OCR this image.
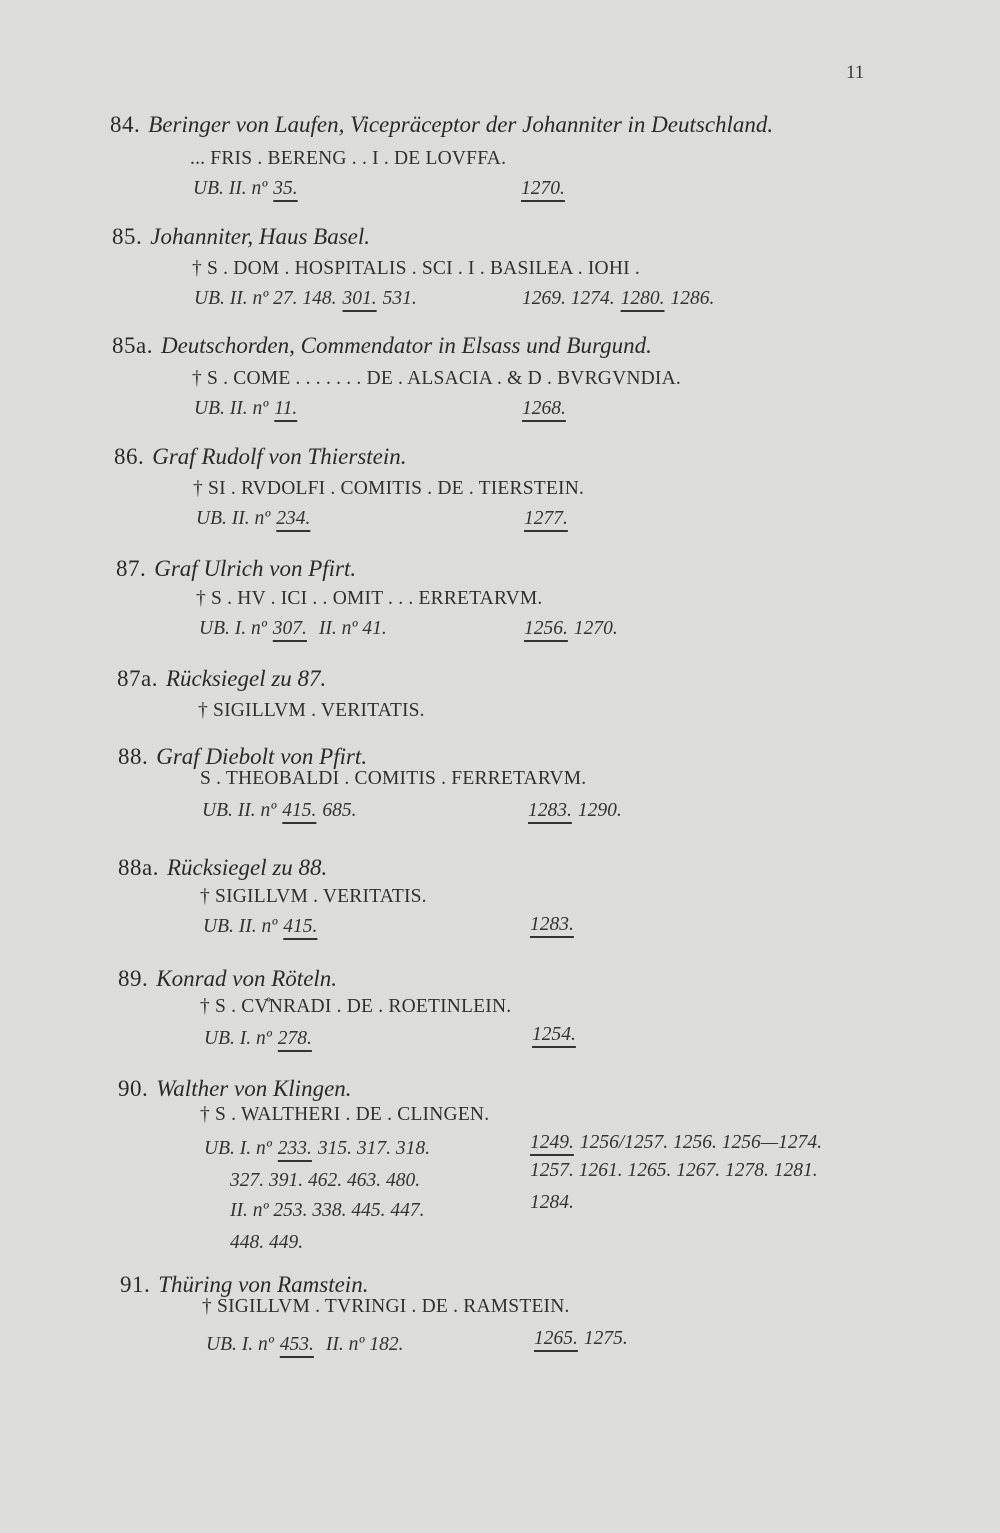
11
84. Beringer von Laufen, Vicepräceptor der Johanniter in Deutschland.
... FRIS . BERENG . . I . DE LOVFFA.
UB. II. nº 35.	1270.
85. Johanniter, Haus Basel.
† S . DOM . HOSPITALIS . SCI . I . BASILEA . IOHI .
UB. II. nº 27. 148. 301. 531.	1269. 1274. 1280. 1286.
85a. Deutschorden, Commendator in Elsass und Burgund.
† S . COME . . . . . . . DE . ALSACIA . & D . BVRGVNDIA.
UB. II. nº 11.	1268.
86. Graf Rudolf von Thierstein.
† SI . RVDOLFI . COMITIS . DE . TIERSTEIN.
UB. II. nº 234.	1277.
87. Graf Ulrich von Pfirt.
† S . HV . ICI . . OMIT . . . ERRETARVM.
UB. I. nº 307. II. nº 41.	1256. 1270.
87a. Rücksiegel zu 87.
† SIGILLVM . VERITATIS.
88. Graf Diebolt von Pfirt.
S . THEOBALDI . COMITIS . FERRETARVM.
UB. II. nº 415. 685.	1283. 1290.
88a. Rücksiegel zu 88.
† SIGILLVM . VERITATIS.
UB. II. nº 415.	1283.
89. Konrad von Röteln.
† S . CV͏̊NRADI . DE . ROETINLEIN.
UB. I. nº 278.	1254.
90. Walther von Klingen.
† S . WALTHERI . DE . CLINGEN.
UB. I. nº 233. 315. 317. 318.	1249. 1256/1257. 1256. 1256—1274.
327. 391. 462. 463. 480.	1257. 1261. 1265. 1267. 1278. 1281.
II. nº 253. 338. 445. 447.	1284.
448. 449.
91. Thüring von Ramstein.
† SIGILLVM . TVRINGI . DE . RAMSTEIN.
UB. I. nº 453. II. nº 182.	1265. 1275.
